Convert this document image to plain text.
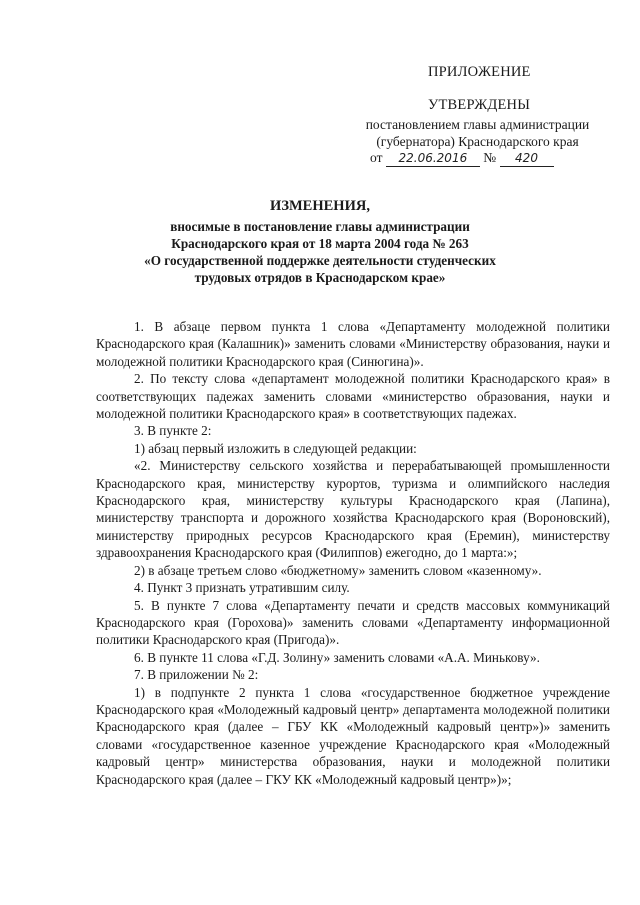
ПРИЛОЖЕНИЕ
УТВЕРЖДЕНЫ
постановлением главы администрации
(губернатора) Краснодарского края
от 22.06.2016 № 420
ИЗМЕНЕНИЯ,
вносимые в постановление главы администрации
Краснодарского края от 18 марта 2004 года № 263
«О государственной поддержке деятельности студенческих
трудовых отрядов в Краснодарском крае»

1. В абзаце первом пункта 1 слова «Департаменту молодежной политики Краснодарского края (Калашник)» заменить словами «Министерству образования, науки и молодежной политики Краснодарского края (Синюгина)».

2. По тексту слова «департамент молодежной политики Краснодарского края» в соответствующих падежах заменить словами «министерство образования, науки и молодежной политики Краснодарского края» в соответствующих падежах.

3. В пункте 2:

1) абзац первый изложить в следующей редакции:

«2. Министерству сельского хозяйства и перерабатывающей промышленности Краснодарского края, министерству курортов, туризма и олимпийского наследия Краснодарского края, министерству культуры Краснодарского края (Лапина), министерству транспорта и дорожного хозяйства Краснодарского края (Вороновский), министерству природных ресурсов Краснодарского края (Еремин), министерству здравоохранения Краснодарского края (Филиппов) ежегодно, до 1 марта:»;

2) в абзаце третьем слово «бюджетному» заменить словом «казенному».

4. Пункт 3 признать утратившим силу.

5. В пункте 7 слова «Департаменту печати и средств массовых коммуникаций Краснодарского края (Горохова)» заменить словами «Департаменту информационной политики Краснодарского края (Пригода)».

6. В пункте 11 слова «Г.Д. Золину» заменить словами «А.А. Минькову».

7. В приложении № 2:

1) в подпункте 2 пункта 1 слова «государственное бюджетное учреждение Краснодарского края «Молодежный кадровый центр» департамента молодежной политики Краснодарского края (далее – ГБУ КК «Молодежный кадровый центр»)» заменить словами «государственное казенное учреждение Краснодарского края «Молодежный кадровый центр» министерства образования, науки и молодежной политики Краснодарского края (далее – ГКУ КК «Молодежный кадровый центр»)»;
